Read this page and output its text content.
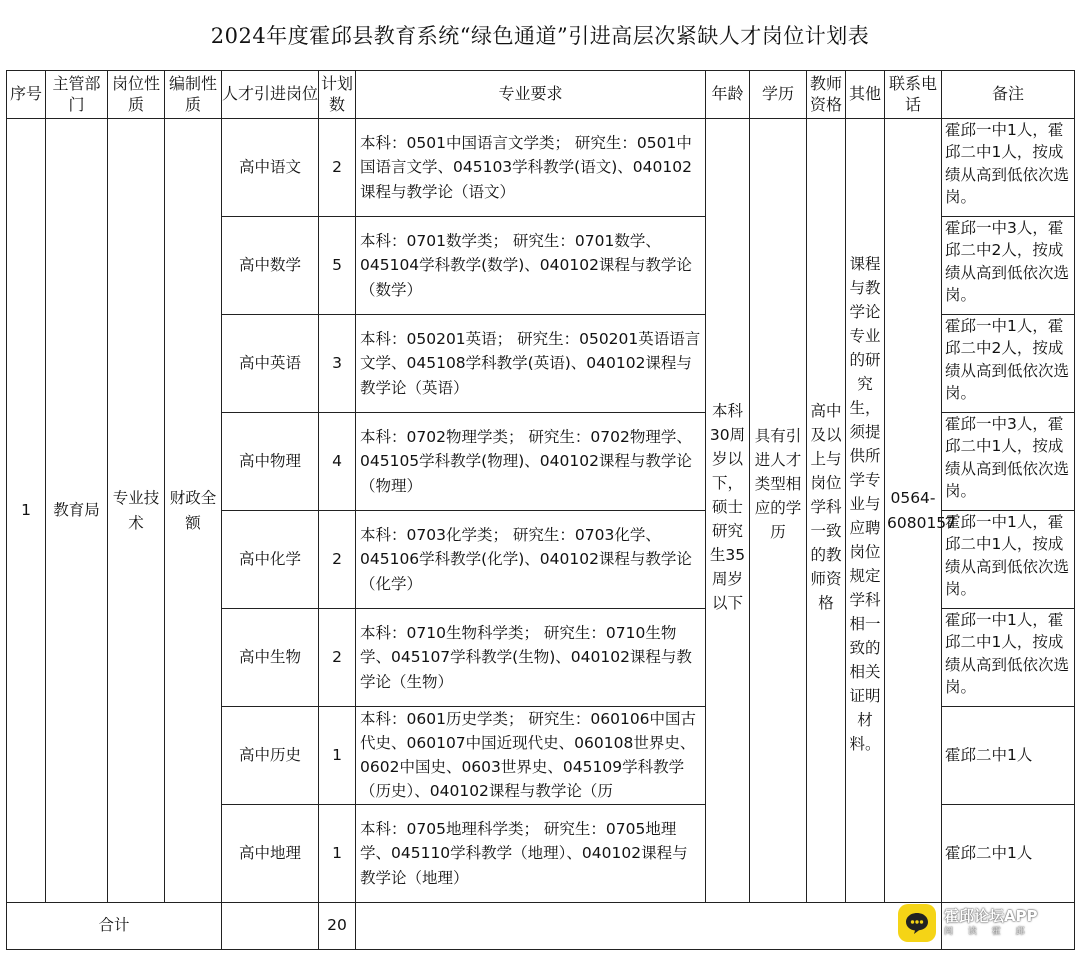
2024年度霍邱县教育系统“绿色通道”引进高层次紧缺人才岗位计划表
序号	主管部门	岗位性质	编制性质	人才引进岗位	计划数	专业要求	年龄	学历	教师资格	其他	联系电话	备注
1	教育局	专业技术	财政全额	高中语文	2	本科：0501中国语言文学类； 研究生：0501中国语言文学、045103学科教学(语文)、040102课程与教学论（语文）	本科30周岁以下，硕士研究生35周岁以下	具有引进人才类型相应的学历	高中及以上与岗位学科一致的教师资格	课程与教学论专业的研究生，须提供所学专业与应聘岗位规定学科相一致的相关证明材料。	0564-6080157	霍邱一中1人，霍邱二中1人，按成绩从高到低依次选岗。
				高中数学	5	本科：0701数学类； 研究生：0701数学、045104学科教学(数学)、040102课程与教学论（数学）						霍邱一中3人，霍邱二中2人，按成绩从高到低依次选岗。
				高中英语	3	本科：050201英语； 研究生：050201英语语言文学、045108学科教学(英语)、040102课程与教学论（英语）						霍邱一中1人，霍邱二中2人，按成绩从高到低依次选岗。
				高中物理	4	本科：0702物理学类； 研究生：0702物理学、045105学科教学(物理)、040102课程与教学论（物理）						霍邱一中3人，霍邱二中1人，按成绩从高到低依次选岗。
				高中化学	2	本科：0703化学类； 研究生：0703化学、045106学科教学(化学)、040102课程与教学论（化学）						霍邱一中1人，霍邱二中1人，按成绩从高到低依次选岗。
				高中生物	2	本科：0710生物科学类； 研究生：0710生物学、045107学科教学(生物)、040102课程与教学论（生物）						霍邱一中1人，霍邱二中1人，按成绩从高到低依次选岗。
				高中历史	1	本科：0601历史学类； 研究生：060106中国古代史、060107中国近现代史、060108世界史、0602中国史、0603世界史、045109学科教学（历史）、040102课程与教学论（历						霍邱二中1人
				高中地理	1	本科：0705地理科学类； 研究生：0705地理学、045110学科教学（地理）、040102课程与教学论（地理）						霍邱二中1人
合计					20							
霍邱论坛APP
阅 读 霍 邱
